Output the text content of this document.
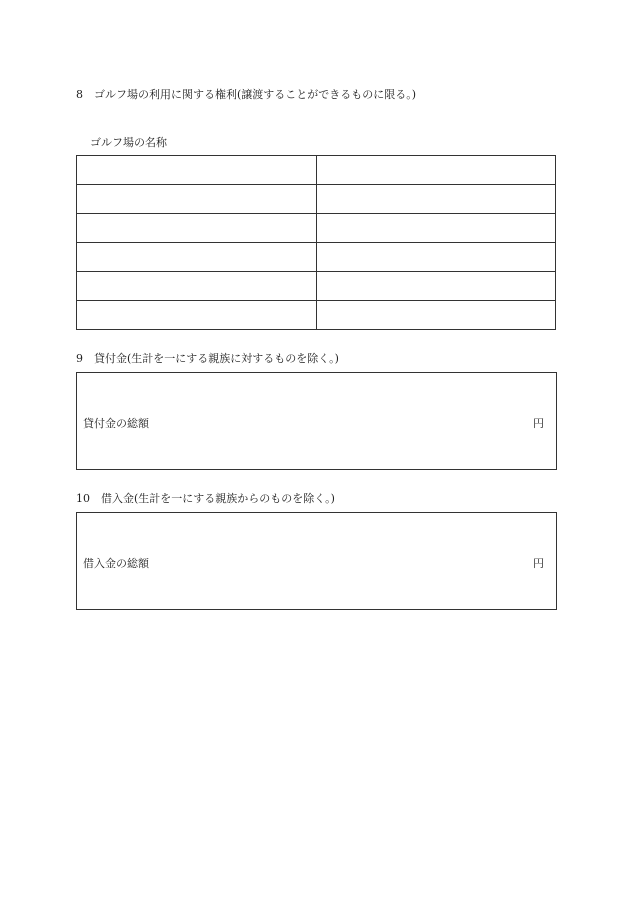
8　ゴルフ場の利用に関する権利(譲渡することができるものに限る。)
ゴルフ場の名称

9　貸付金(生計を一にする親族に対するものを除く。)
貸付金の総額	円
10　借入金(生計を一にする親族からのものを除く。)
借入金の総額	円
